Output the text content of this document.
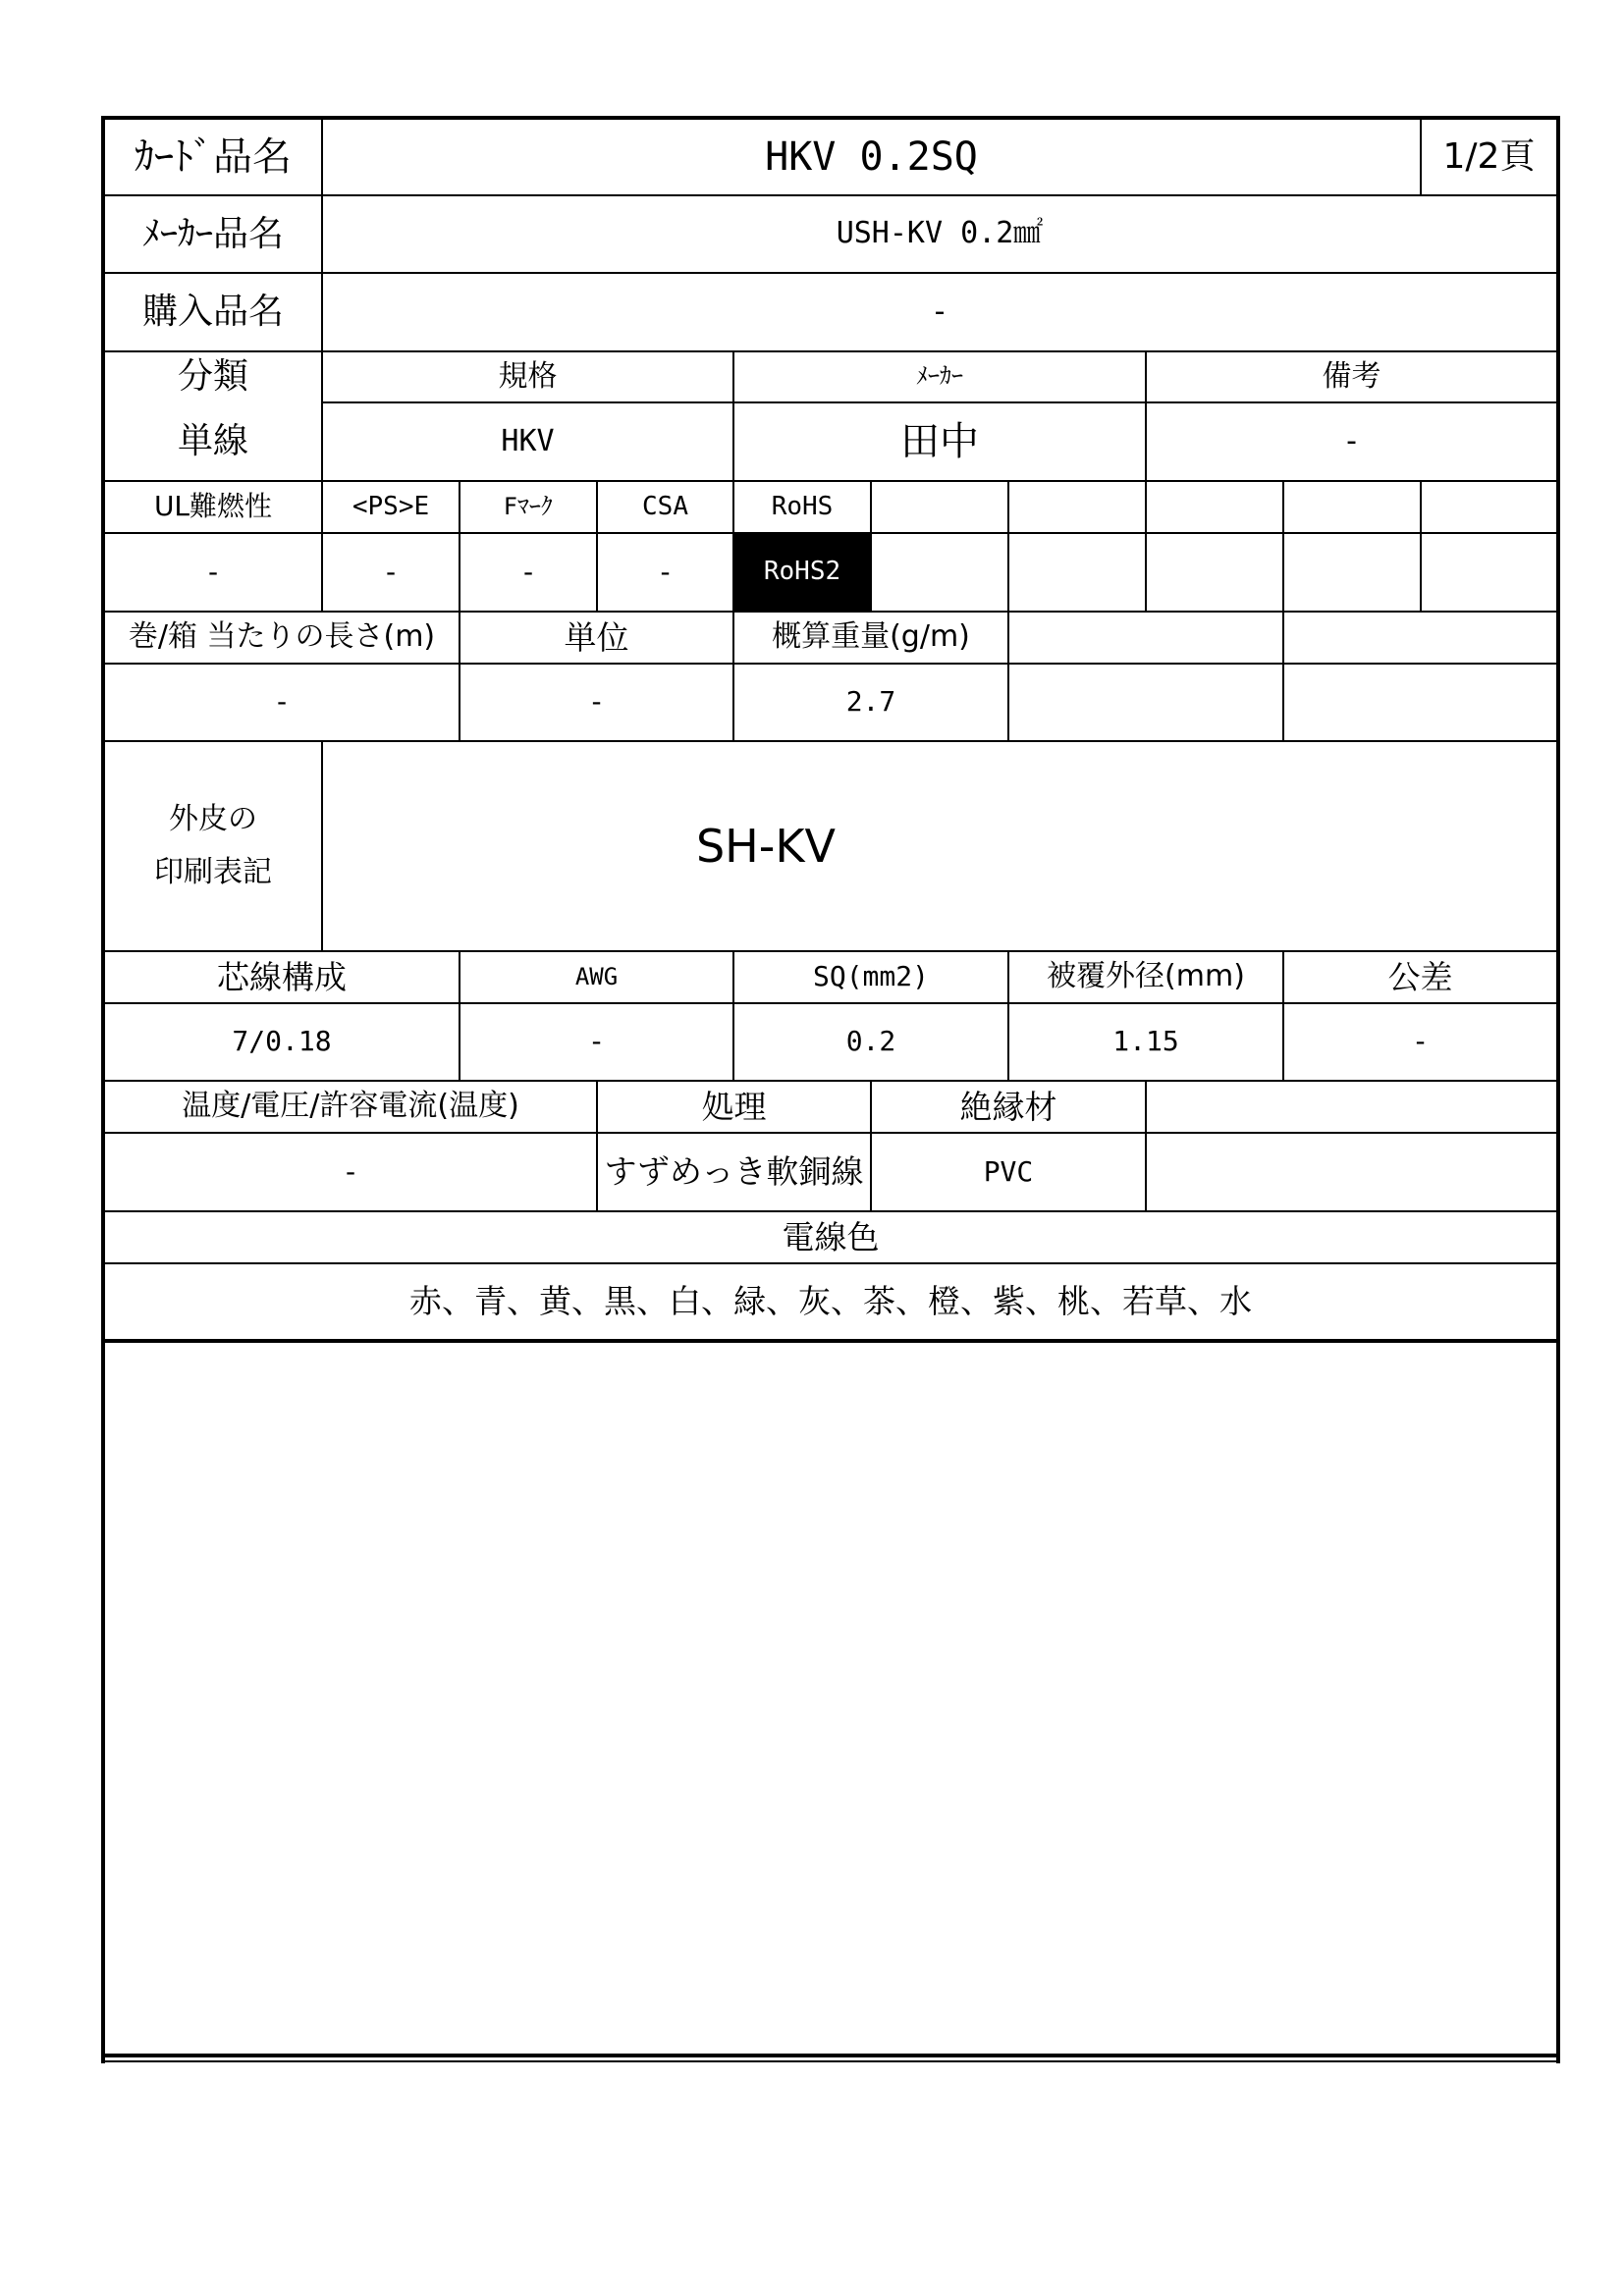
ｶｰﾄﾞ品名	HKV 0.2SQ	1/2頁
ﾒｰｶｰ品名	USH-KV 0.2㎟
購入品名	-
分類	規格	ﾒｰｶｰ	備考
単線	HKV	田中	-
UL難燃性	<PS>E	Fﾏｰｸ	CSA	RoHS
-	-	-	-	RoHS2
巻/箱 当たりの長さ(m)	単位	概算重量(g/m)
-	-	2.7
外皮の
印刷表記	SH-KV
芯線構成	AWG	SQ(mm2)	被覆外径(mm)	公差
7/0.18	-	0.2	1.15	-
温度/電圧/許容電流(温度)	処理	絶縁材
-	すずめっき軟銅線	PVC
電線色
赤、青、黄、黒、白、緑、灰、茶、橙、紫、桃、若草、水
